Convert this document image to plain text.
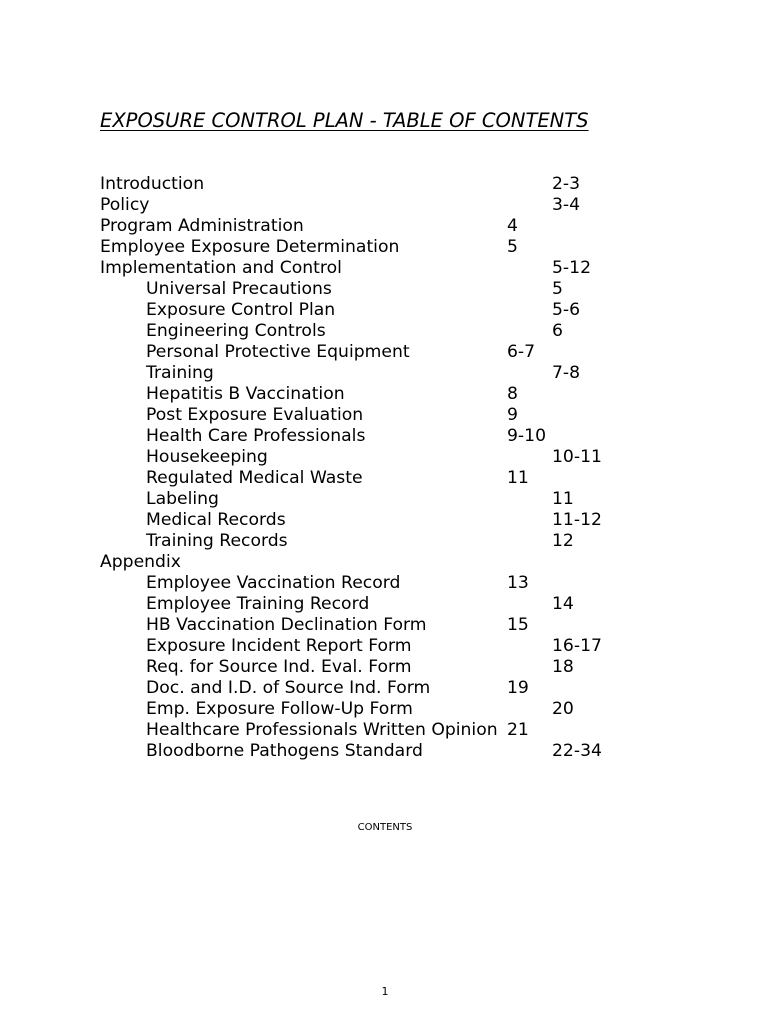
EXPOSURE CONTROL PLAN - TABLE OF CONTENTS
Introduction	2-3
Policy	3-4
Program Administration	4
Employee Exposure Determination	5
Implementation and Control	5-12
Universal Precautions	5
Exposure Control Plan	5-6
Engineering Controls	6
Personal Protective Equipment	6-7
Training	7-8
Hepatitis B Vaccination	8
Post Exposure Evaluation	9
Health Care Professionals	9-10
Housekeeping	10-11
Regulated Medical Waste	11
Labeling	11
Medical Records	11-12
Training Records	12
Appendix
Employee Vaccination Record	13
Employee Training Record	14
HB Vaccination Declination Form	15
Exposure Incident Report Form	16-17
Req. for Source Ind. Eval. Form	18
Doc. and I.D. of Source Ind. Form	19
Emp. Exposure Follow-Up Form	20
Healthcare Professionals Written Opinion 21
Bloodborne Pathogens Standard	22-34
CONTENTS
1
